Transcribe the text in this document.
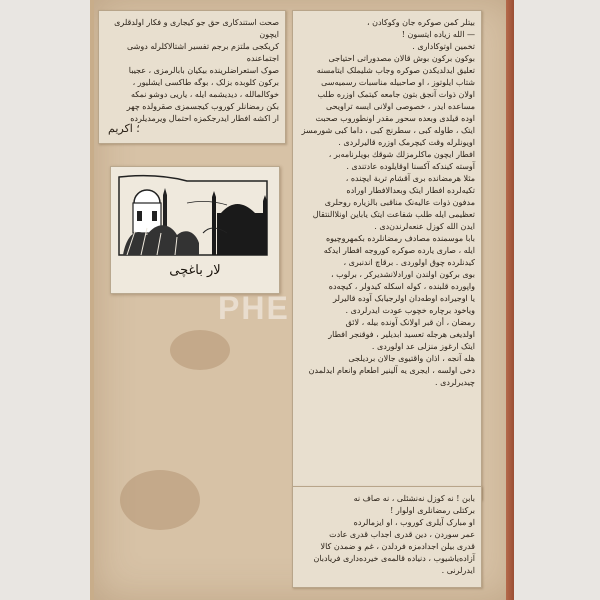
صحت استندکاری حق جو کیجاری و فکار اولدقلری ایچون

کریکجی ملتزم برجم تفسیر اشتالاکلرله دوشی اجتماعنده

صوک استعراضلرینده بیکیان بابالرمزی ، عجیبا

برکون کلوبده بزلک ، بوگه طاکسی ایشلیور ،

خوکالمالله ، دیدیشمه ایله ، یاریی دوشو نمکه

بکن رمضانلر کوروب کیجسمزی صقرولده چهر

ار اکشه افطار ایدرجکمزه احتمال ویرمدیلرده

؛ اکریم
لار باغچی
PHE

بیتلر کمن صوکره جان وکوکادن ،

— الله زیاده ایتسون !

تخمین اوتوکاداری .

بوکون برکون بوش قالان مصدوراتی احتیاجی

تعلیق ایدلدیکدن صوکره وجاب شلیملک ایتامسنه

شتاب ایلوتوز ، او صاحبیله مناسبات رسمیه‌سی

اولان ذوات آنجق بتون جامعه کیتمک اوزره طلب

مساعده ایدر ، خصوصی اولانی ایسه تراویحی

اوده قیلدی وبعده سحور مقدر اونطوروب صحبت

ایتک ، طاوله کبی ، سطرنج کبی ، داما کبی شورمسز

اویونلرله وقت کیچرمک اوزره قالیرلردی .

افطار ایچون ماکلرمزلك شوقك بویلرنامه‌بر ،

آوسته کیندکه آکسنا اوقایلوده عادتندی .

مثلا هرمضانده بری آقشام تربة ایچنده ،

تکیه‌لرده افطار ایتک وبعدالافطار اوراده

مدفون ذوات عالیه‌نک مناقبی بالزیارە روحلری

تعظیمی ایله طلب شفاعت ایتک یاباین اونلاالنتقال

ایدن الله کوزل عنعه‌لرندن‌دی .

بابا موسمنده مصادف رمضانلرده بکمهروچیوه

ایله ، صاری یارده صوکره کوروجه افطار ایدکه

کیدنلرده چوق اولوردی . برقاچ اندنبری ،

بوی برکون اولندن اورادلانشدیرکر ، برلوب ،

واپورده قلبنده ، کوله اسکله کیدولر ، کیچه‌ده

یا اوجیراده اوطه‌دان اولرجیابک آوده قالیرلر

وياخود برچاره خچوب عودت ایدرلردی .

رمضان ، أن قبر اولانک آونده بیله ، لائق

اولدیغی هرجله تعسید ابدیلیر ، فوقنجر افطار

ایتک ارغوز منزلی عد اولوردی .

هله آنجه ، اذان واقتیوی جالان بردیلجی

دخی اولسه ، ایجری یه آلینیر اطعام وانعام ایدلمدن

چیدیرلردی .

بابن ! نه کوزل نه‌نشئلی ، نه صاف نه

برکتلی رمضانلری اولوار !

او مبارک آیلری کوروب ، او ایزمالرده

عمر سوردن ، دین قدری اجداب قدری عادت

قدری بیلن اجدادمزه فردلدن ، غم و ضمدن کالا

آزاده‌یاشیوب ، دنیاده قالمه‌ی خیرده‌داری فریادبان ایدرلرنی .
